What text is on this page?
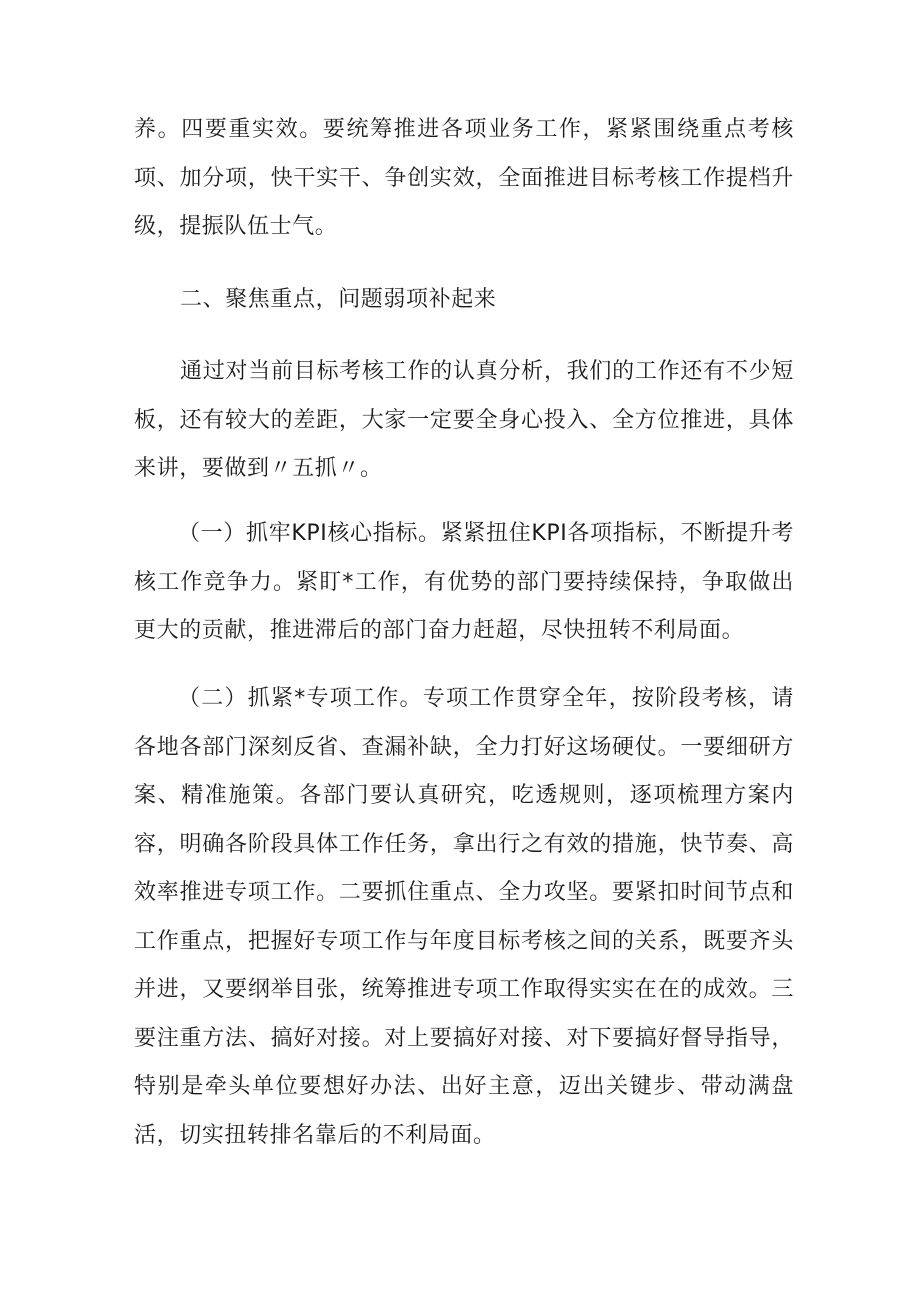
养。四要重实效。要统筹推进各项业务工作，紧紧围绕重点考核项、加分项，快干实干、争创实效，全面推进目标考核工作提档升级，提振队伍士气。

二、聚焦重点，问题弱项补起来

通过对当前目标考核工作的认真分析，我们的工作还有不少短板，还有较大的差距，大家一定要全身心投入、全方位推进，具体来讲，要做到〃五抓〃。

（一）抓牢KPI核心指标。紧紧扭住KPI各项指标，不断提升考核工作竞争力。紧盯*工作，有优势的部门要持续保持，争取做出更大的贡献，推进滞后的部门奋力赶超，尽快扭转不利局面。

（二）抓紧*专项工作。专项工作贯穿全年，按阶段考核，请各地各部门深刻反省、查漏补缺，全力打好这场硬仗。一要细研方案、精准施策。各部门要认真研究，吃透规则，逐项梳理方案内容，明确各阶段具体工作任务，拿出行之有效的措施，快节奏、高效率推进专项工作。二要抓住重点、全力攻坚。要紧扣时间节点和工作重点，把握好专项工作与年度目标考核之间的关系，既要齐头并进，又要纲举目张，统筹推进专项工作取得实实在在的成效。三要注重方法、搞好对接。对上要搞好对接、对下要搞好督导指导，特别是牵头单位要想好办法、出好主意，迈出关键步、带动满盘活，切实扭转排名靠后的不利局面。
